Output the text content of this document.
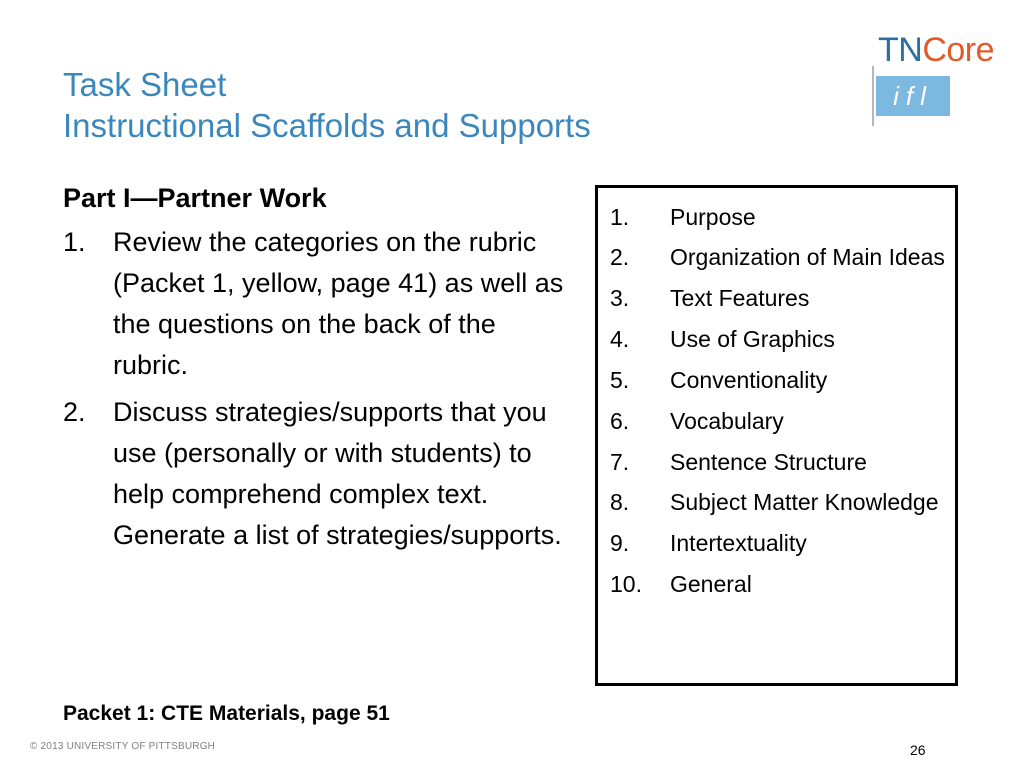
Task Sheet
Instructional Scaffolds and Supports
TNCore
ifl

Part I—Partner Work

1.	Review the categories on the rubric (Packet 1, yellow, page 41) as well as the questions on the back of the rubric.
2.	Discuss strategies/supports that you use (personally or with students) to help comprehend complex text. Generate a list of strategies/supports.

Packet 1: CTE Materials, page 51

1.	Purpose
2.	Organization of Main Ideas
3.	Text Features
4.	Use of Graphics
5.	Conventionality
6.	Vocabulary
7.	Sentence Structure
8.	Subject Matter Knowledge
9.	Intertextuality
10.	General
© 2013 UNIVERSITY OF PITTSBURGH	26
